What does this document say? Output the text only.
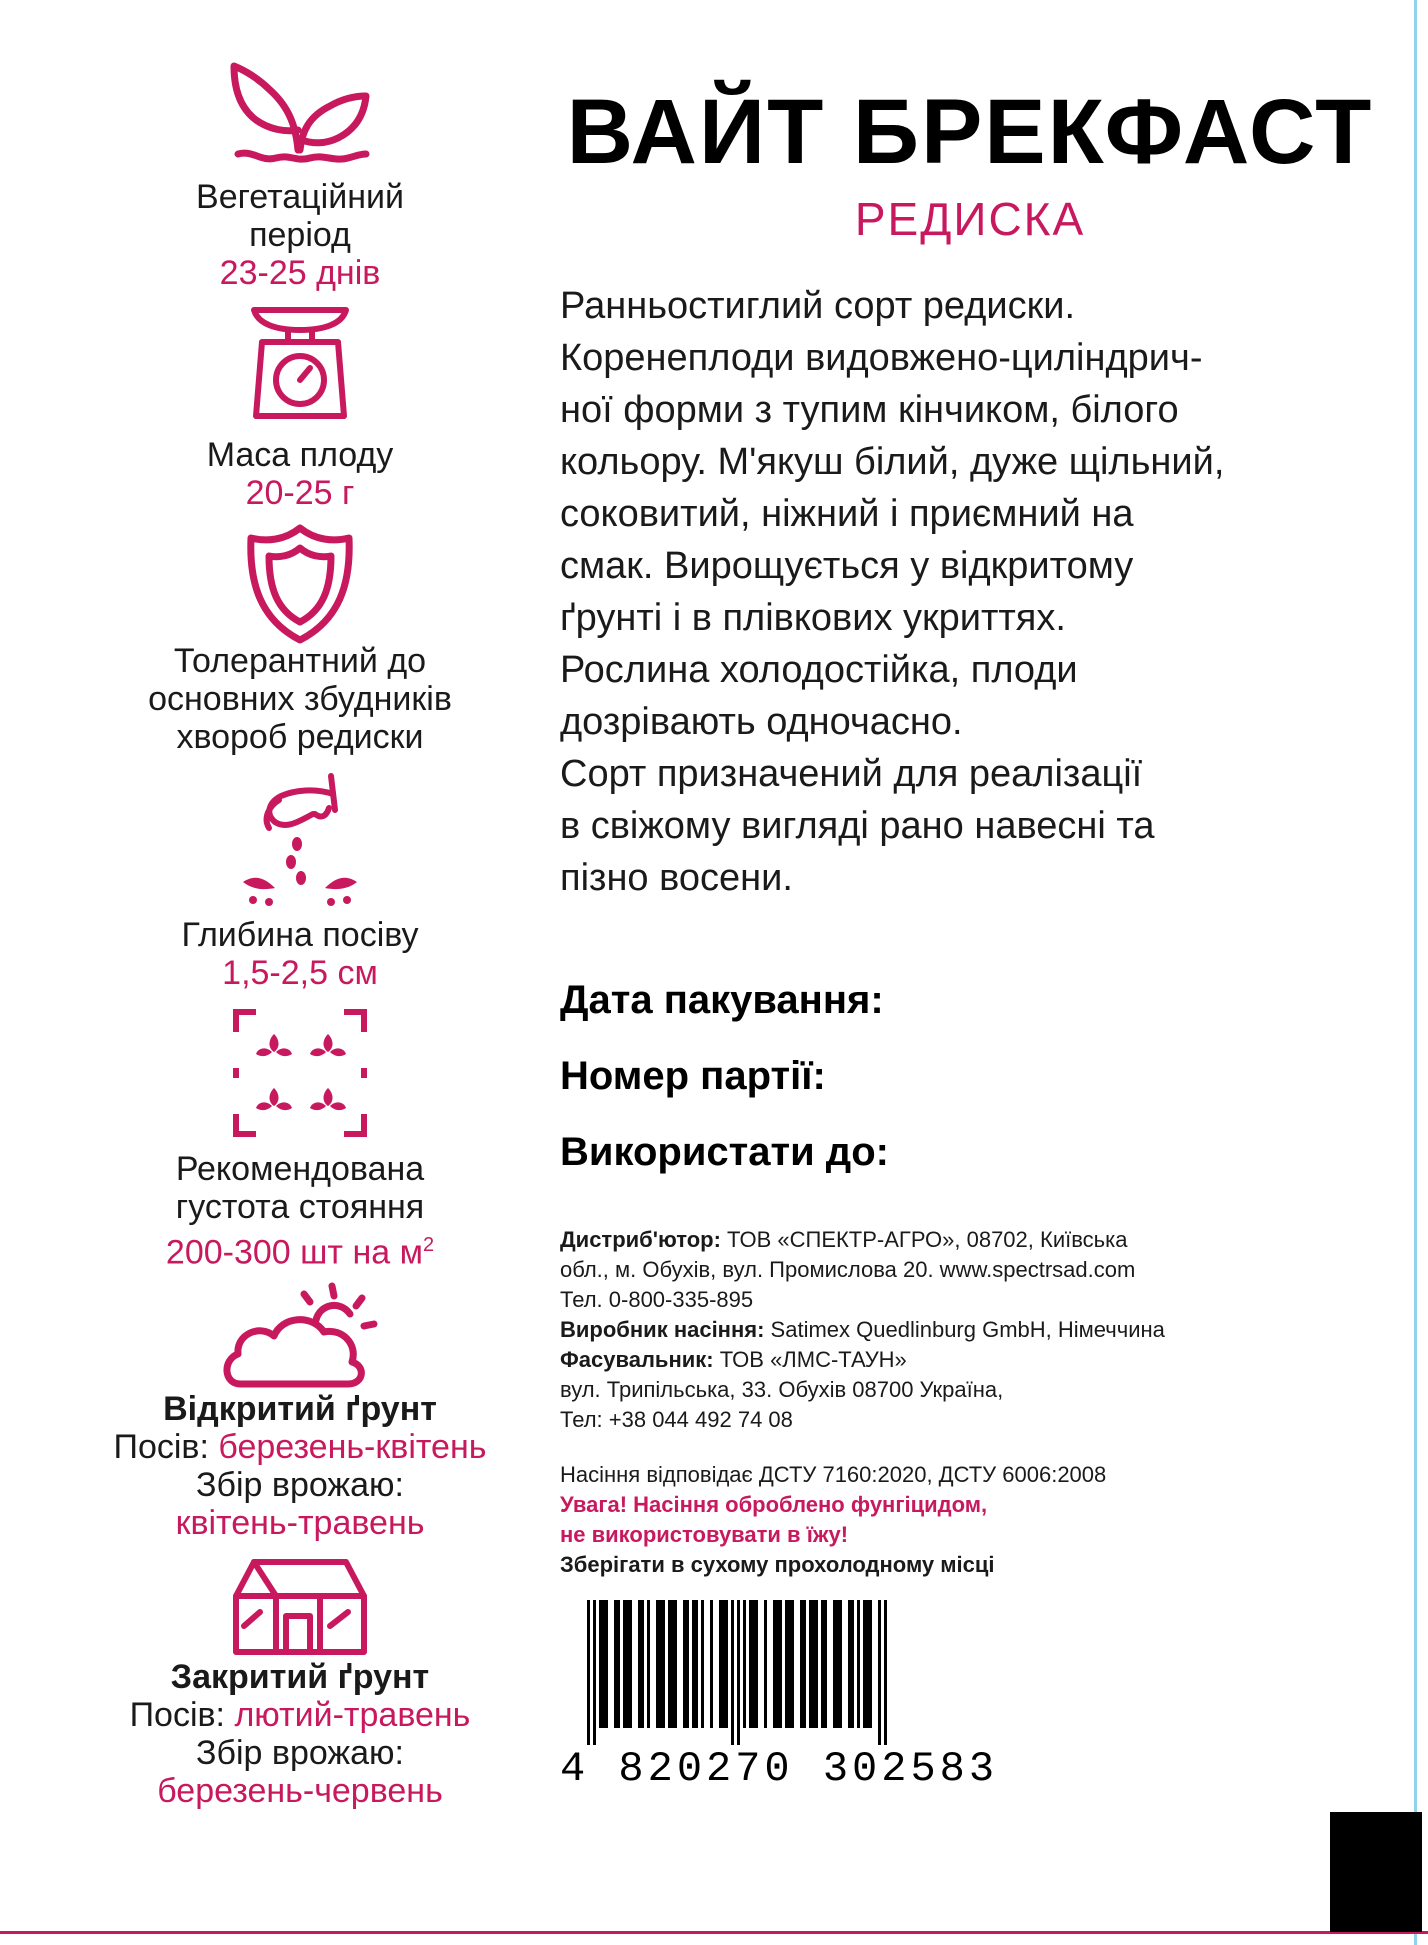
Вегетаційний
період
23-25 днів
Маса плоду
20-25 г
Толерантний до
основних збудників
хвороб редиски
Глибина посіву
1,5-2,5 см
Рекомендована
густота стояння
200-300 шт на $м^2$
Відкритий ґрунт
Посів: березень-квітень
Збір врожаю:
квітень-травень
Закритий ґрунт
Посів: лютий-травень
Збір врожаю:
березень-червень
ВАЙТ БРЕКФАСТ
РЕДИСКА
Ранньостиглий сорт редиски.
Коренеплоди видовжено-циліндрич-
ної форми з тупим кінчиком, білого
кольору. М'якуш білий, дуже щільний,
соковитий, ніжний і приємний на
смак. Вирощується у відкритому
ґрунті і в плівкових укриттях.
Рослина холодостійка, плоди
дозрівають одночасно.
Сорт призначений для реалізації
в свіжому вигляді рано навесні та
пізно восени.
Дата пакування:
Номер партії:
Використати до:
Дистриб'ютор: ТОВ «СПЕКТР-АГРО», 08702, Київська
обл., м. Обухів, вул. Промислова 20. www.spectrsad.com
Тел. 0-800-335-895
Виробник насіння: Satimex Quedlinburg GmbH, Німеччина
Фасувальник: ТОВ «ЛМС-ТАУН»
вул. Трипільська, 33. Обухів 08700 Україна,
Тел: +38 044 492 74 08
Насіння відповідає ДСТУ 7160:2020, ДСТУ 6006:2008
Увага! Насіння оброблено фунгіцидом,
не використовувати в їжу!
Зберігати в сухому прохолодному місці
4 820270 302583
